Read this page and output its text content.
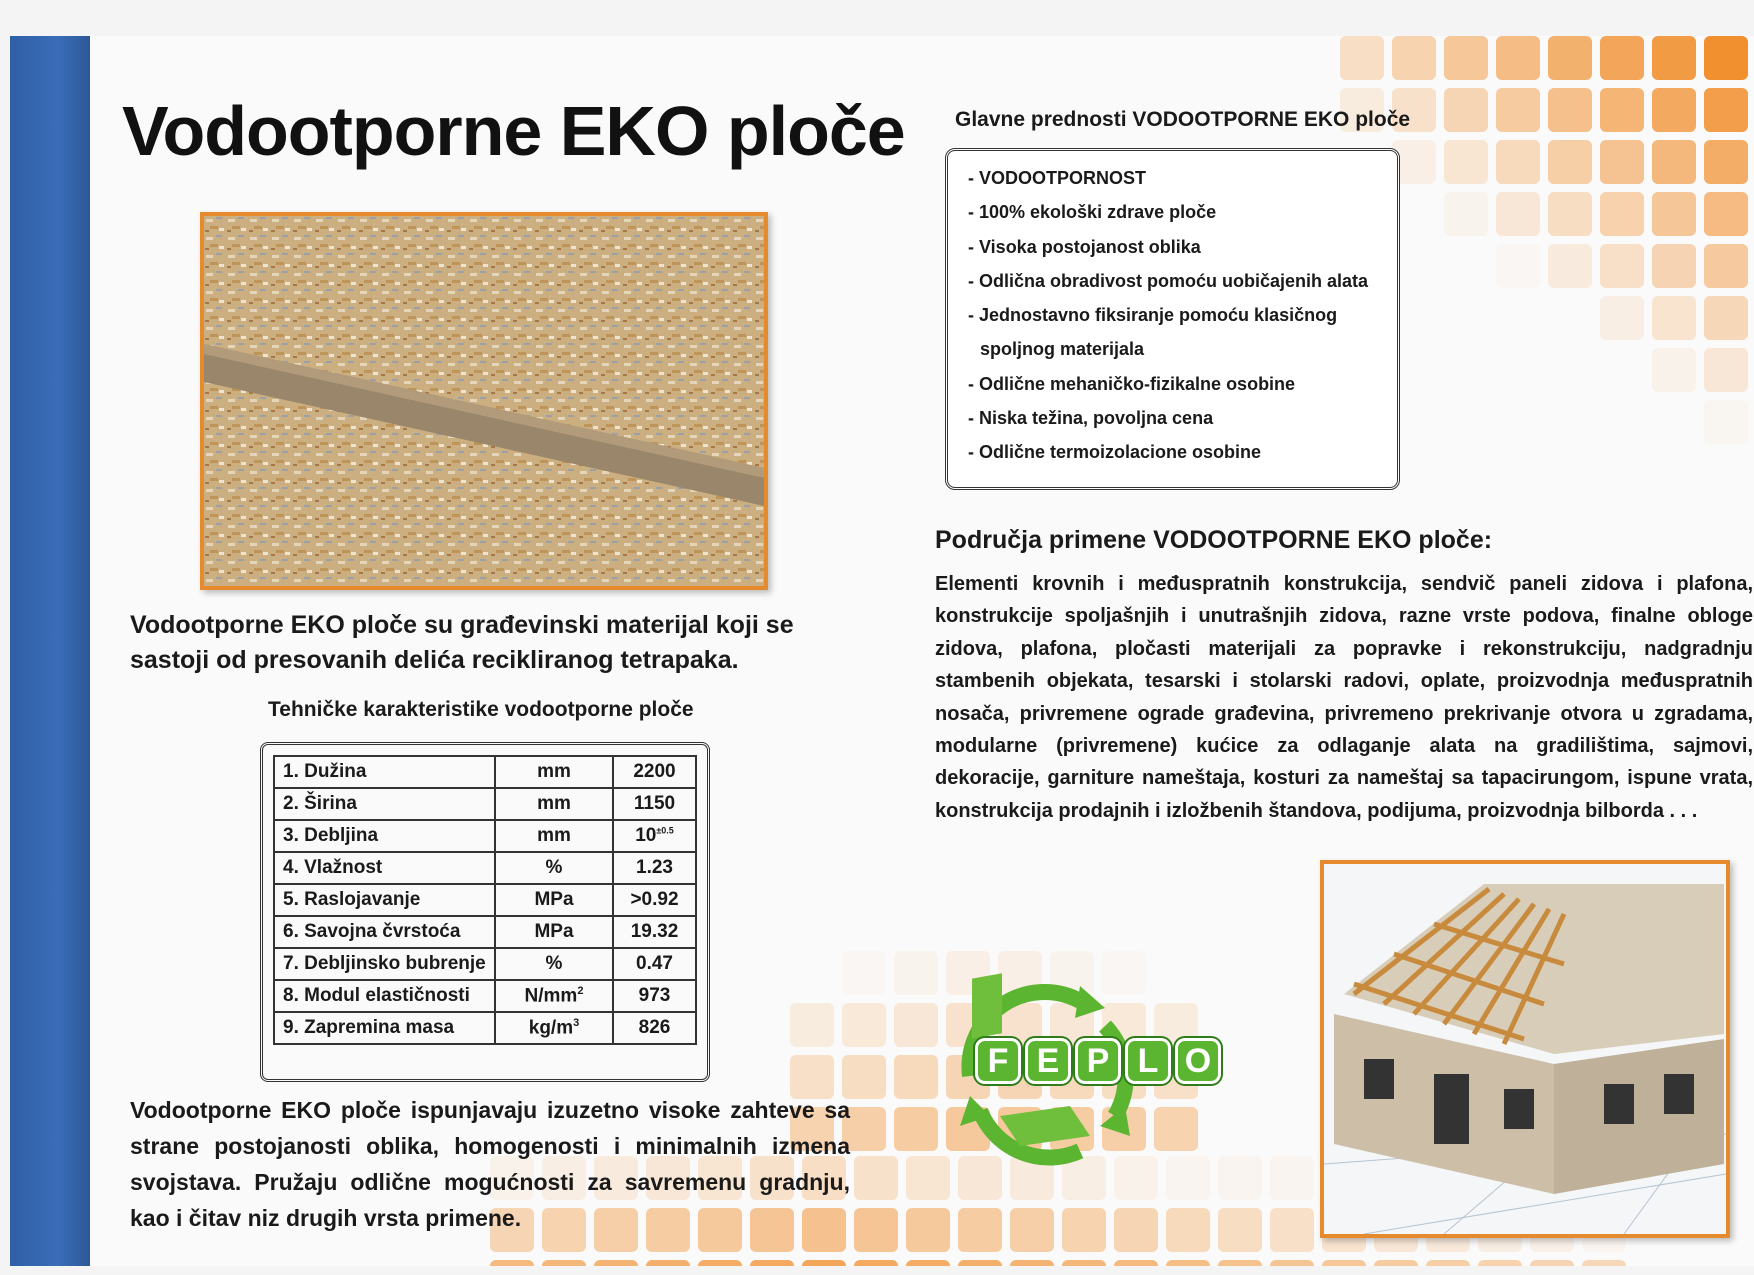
Vodootporne EKO ploče

Vodootporne EKO ploče su građevinski materijal koji se sastoji od presovanih delića recikliranog tetrapaka.

Tehničke karakteristike vodootporne ploče

1. Dužina	mm	2200
2. Širina	mm	1150
3. Debljina	mm	$10^{\pm 0.5}$
4. Vlažnost	%	1.23
5. Raslojavanje	MPa	>0.92
6. Savojna čvrstoća	MPa	19.32
7. Debljinsko bubrenje	%	0.47
8. Modul elastičnosti	$N/mm^2$	973
9. Zapremina masa	$kg/m^3$	826

Vodootporne EKO ploče ispunjavaju izuzetno visoke zahteve sa strane postojanosti oblika, homogenosti i minimalnih izmena svojstava. Pružaju odlične mogućnosti za savremenu gradnju, kao i čitav niz drugih vrsta primene.

Glavne prednosti VODOOTPORNE EKO ploče

- VODOOTPORNOST
- 100% ekološki zdrave ploče
- Visoka postojanost oblika
- Odlična obradivost pomoću uobičajenih alata
- Jednostavno fiksiranje pomoću klasičnog spoljnog materijala
- Odlične mehaničko-fizikalne osobine
- Niska težina, povoljna cena
- Odlične termoizolacione osobine

Područja primene VODOOTPORNE EKO ploče:

Elementi krovnih i međuspratnih konstrukcija, sendvič paneli zidova i plafona, konstrukcije spoljašnjih i unutrašnjih zidova, razne vrste podova, finalne obloge zidova, plafona, pločasti materijali za popravke i rekonstrukciju, nadgradnju stambenih objekata, tesarski i stolarski radovi, oplate, proizvodnja međuspratnih nosača, privremene ograde građevina, privremeno prekrivanje otvora u zgradama, modularne (privremene) kućice za odlaganje alata na gradilištima, sajmovi, dekoracije, garniture nameštaja, kosturi za nameštaj sa tapacirungom, ispune vrata, konstrukcija prodajnih i izložbenih štandova, podijuma, proizvodnja bilborda . . .

F E P L O
